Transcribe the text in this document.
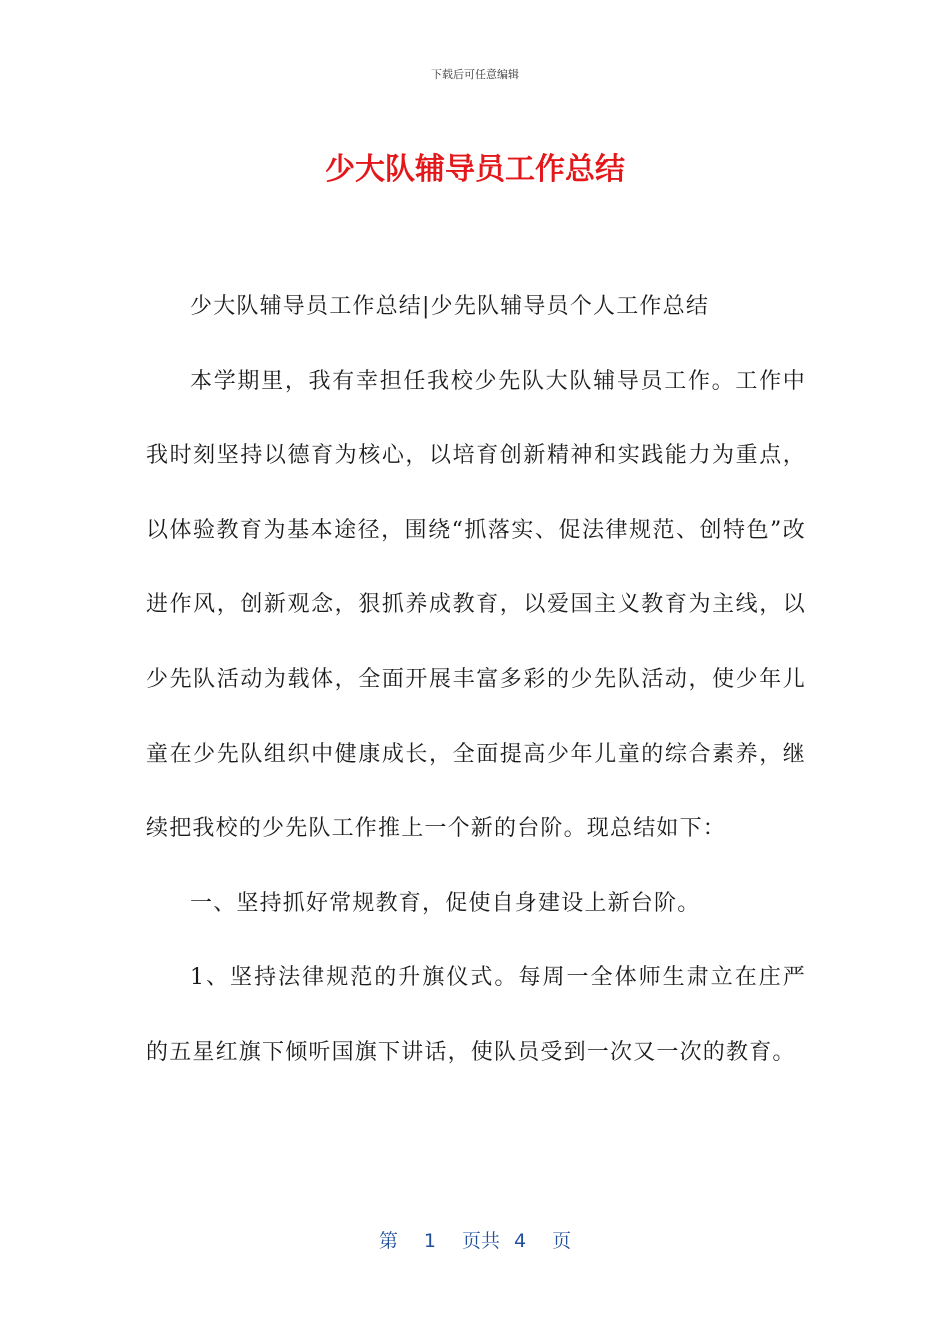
下载后可任意编辑
少大队辅导员工作总结

少大队辅导员工作总结|少先队辅导员个人工作总结

本学期里，我有幸担任我校少先队大队辅导员工作。工作中我时刻坚持以德育为核心，以培育创新精神和实践能力为重点，以体验教育为基本途径，围绕“抓落实、促法律规范、创特色”改进作风，创新观念，狠抓养成教育，以爱国主义教育为主线，以少先队活动为载体，全面开展丰富多彩的少先队活动，使少年儿童在少先队组织中健康成长，全面提高少年儿童的综合素养，继续把我校的少先队工作推上一个新的台阶。现总结如下：

一、坚持抓好常规教育，促使自身建设上新台阶。

1、坚持法律规范的升旗仪式。每周一全体师生肃立在庄严的五星红旗下倾听国旗下讲话，使队员受到一次又一次的教育。

第 1 页共 4 页
